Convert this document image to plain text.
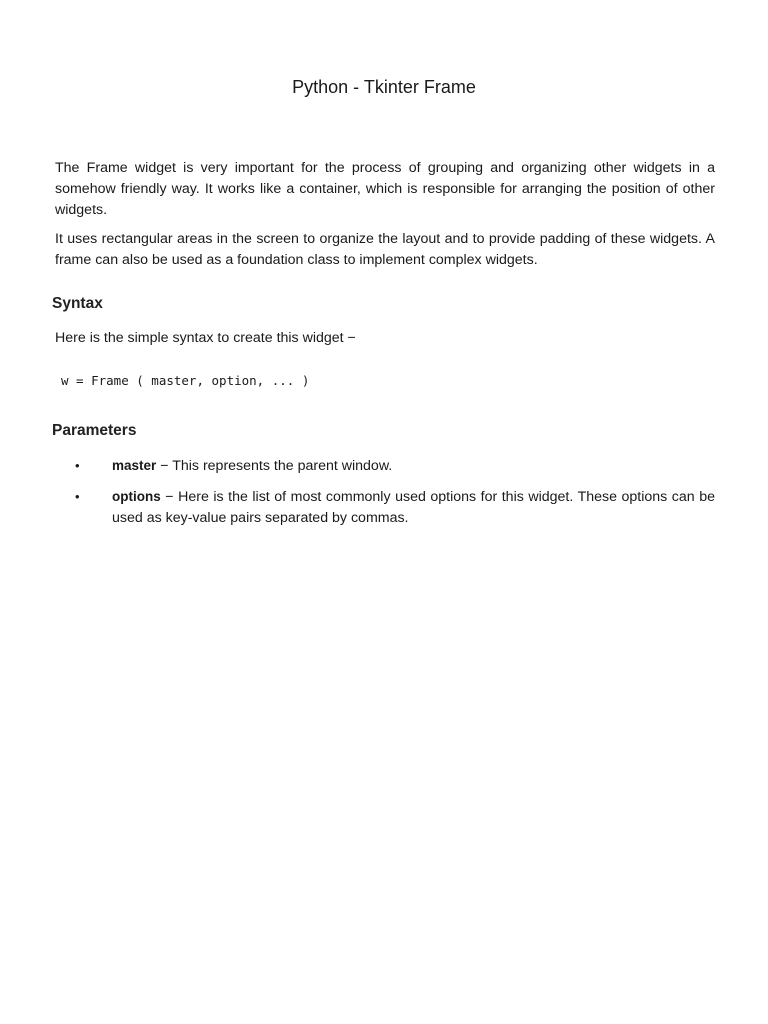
Python - Tkinter Frame

The Frame widget is very important for the process of grouping and organizing other widgets in a somehow friendly way. It works like a container, which is responsible for arranging the position of other widgets.

It uses rectangular areas in the screen to organize the layout and to provide padding of these widgets. A frame can also be used as a foundation class to implement complex widgets.

Syntax

Here is the simple syntax to create this widget −

w = Frame ( master, option, ... )
Parameters
• master − This represents the parent window.
• options − Here is the list of most commonly used options for this widget. These options can be used as key-value pairs separated by commas.
